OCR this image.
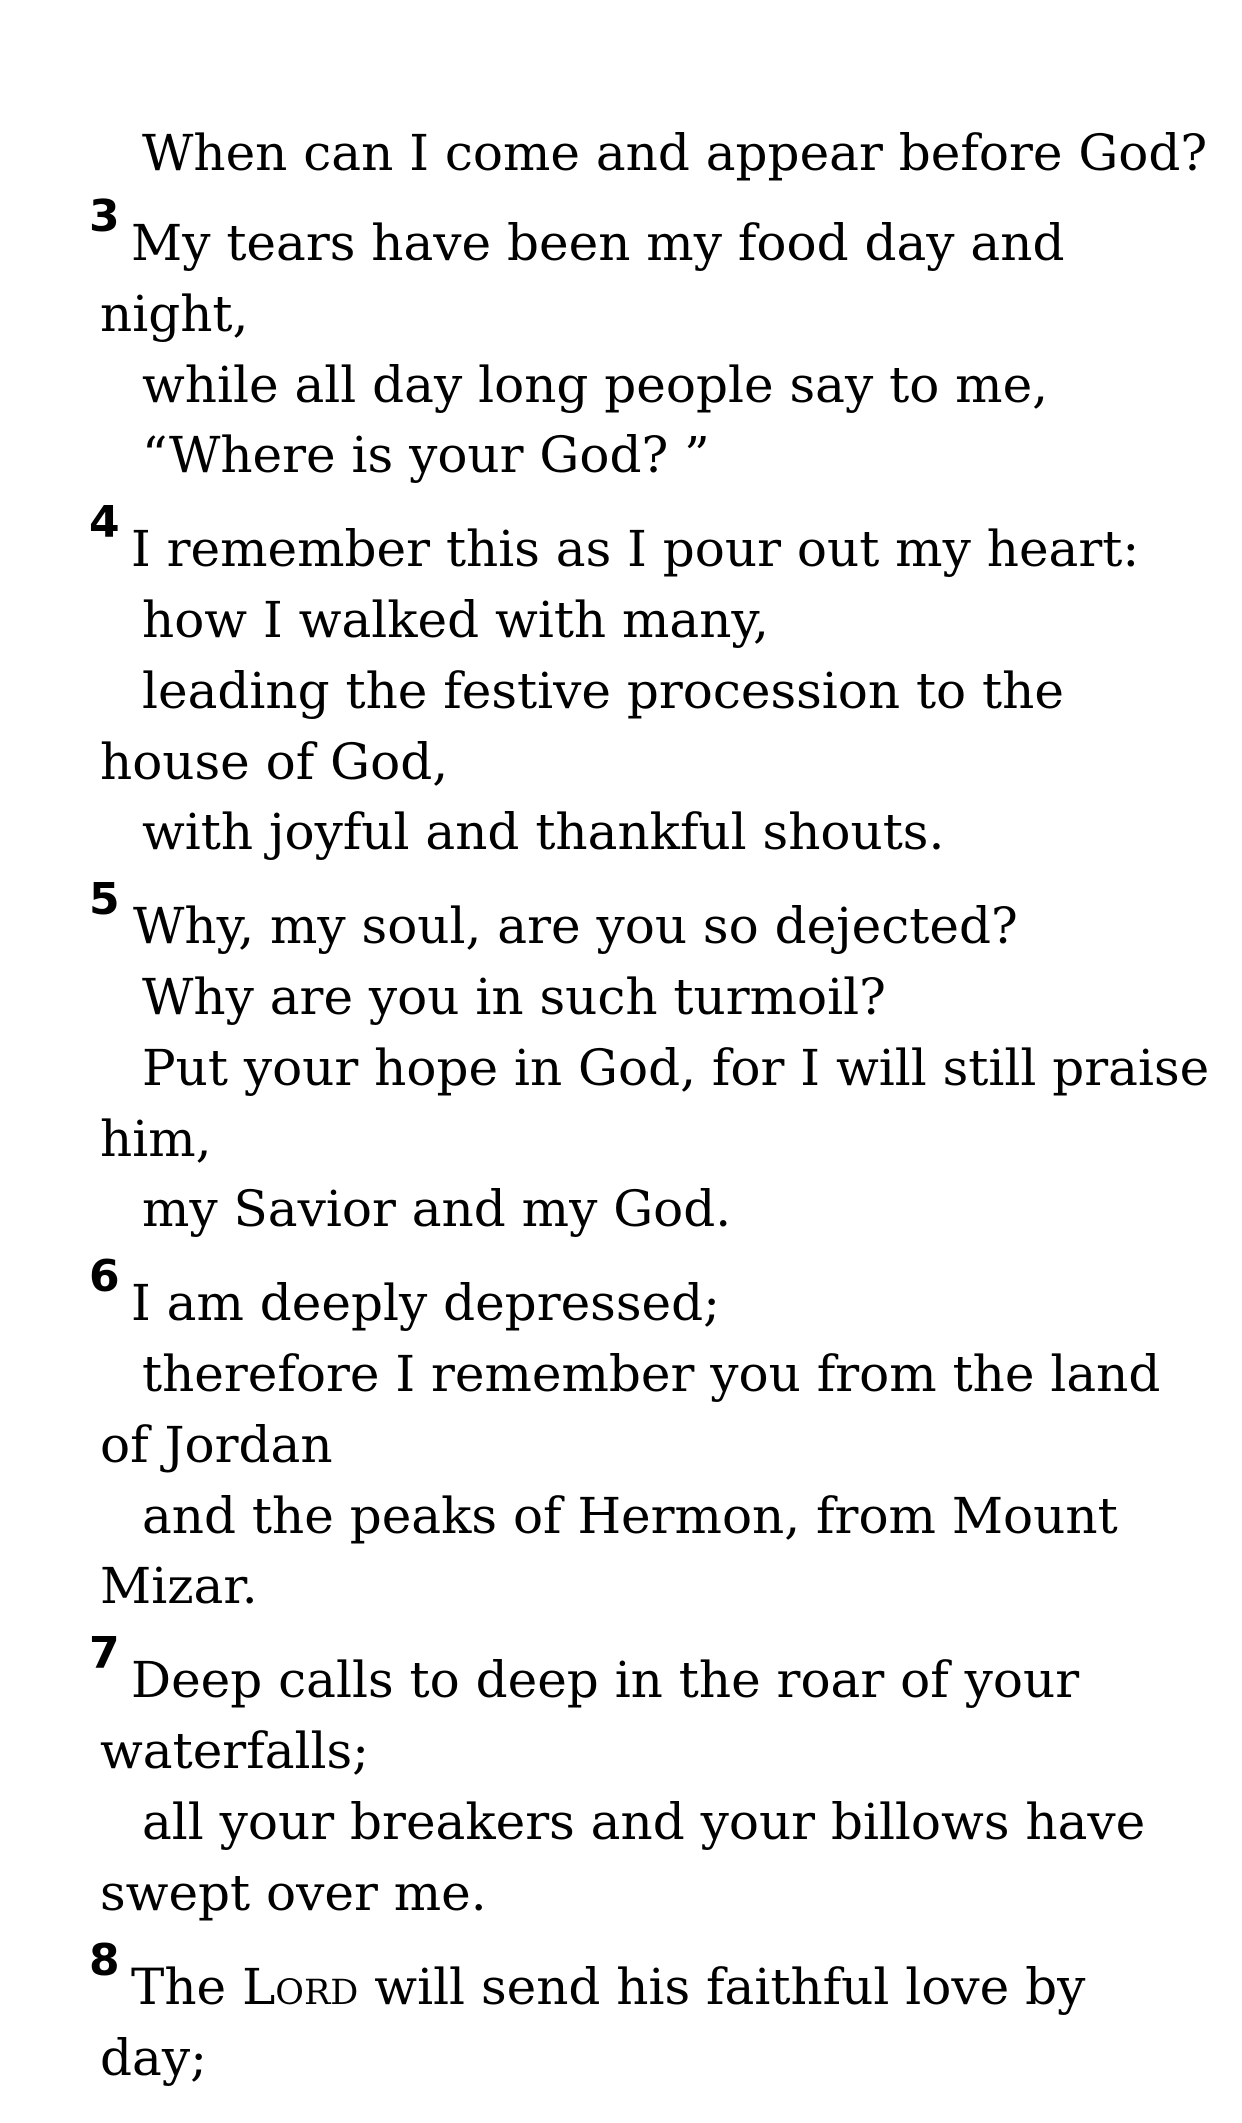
When can I come and appear before God?
3 My tears have been my food day and
night,
while all day long people say to me,
“Where is your God? ”
4 I remember this as I pour out my heart:
how I walked with many,
leading the festive procession to the
house of God,
with joyful and thankful shouts.
5 Why, my soul, are you so dejected?
Why are you in such turmoil?
Put your hope in God, for I will still praise
him,
my Savior and my God.
6 I am deeply depressed;
therefore I remember you from the land
of Jordan
and the peaks of Hermon, from Mount
Mizar.
7 Deep calls to deep in the roar of your
waterfalls;
all your breakers and your billows have
swept over me.
8 The Lord will send his faithful love by
day;
